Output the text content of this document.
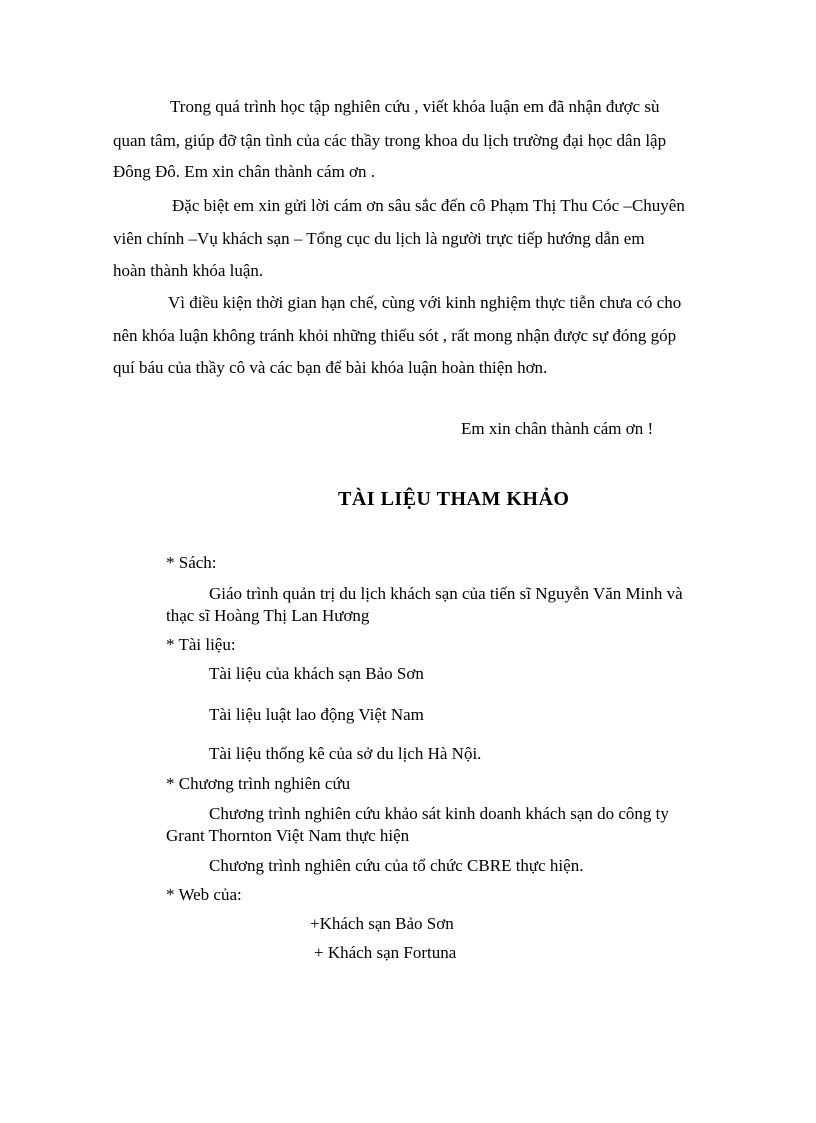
Trong quá trình học tập nghiên cứu , viết khóa luận em đã nhận được sù
quan tâm, giúp đỡ tận tình của các thầy trong khoa du lịch trường đại học dân lập
Đông Đô. Em xin chân thành cám ơn .
Đặc biệt em xin gửi lời cám ơn sâu sắc đến cô Phạm Thị Thu Cóc –Chuyên
viên chính –Vụ khách sạn – Tổng cục du lịch là người trực tiếp hướng dẫn em
hoàn thành khóa luận.
Vì điều kiện thời gian hạn chế, cùng với kinh nghiệm thực tiễn chưa có cho
nên khóa luận không tránh khỏi những thiếu sót , rất mong nhận được sự đóng góp
quí báu của thầy cô và các bạn để bài khóa luận hoàn thiện hơn.
Em xin chân thành cám ơn !
TÀI LIỆU THAM KHẢO
* Sách:
Giáo trình quản trị du lịch khách sạn của tiến sĩ Nguyễn Văn Minh và
thạc sĩ Hoàng Thị Lan Hương
* Tài liệu:
Tài liệu của khách sạn Bảo Sơn
Tài liệu luật lao động Việt Nam
Tài liệu thống kê của sở du lịch Hà Nội.
* Chương trình nghiên cứu
Chương trình nghiên cứu khảo sát kinh doanh khách sạn do công ty
Grant Thornton Việt Nam thực hiện
Chương trình nghiên cứu của tổ chức CBRE thực hiện.
* Web của:
+Khách sạn Bảo Sơn
+ Khách sạn Fortuna
